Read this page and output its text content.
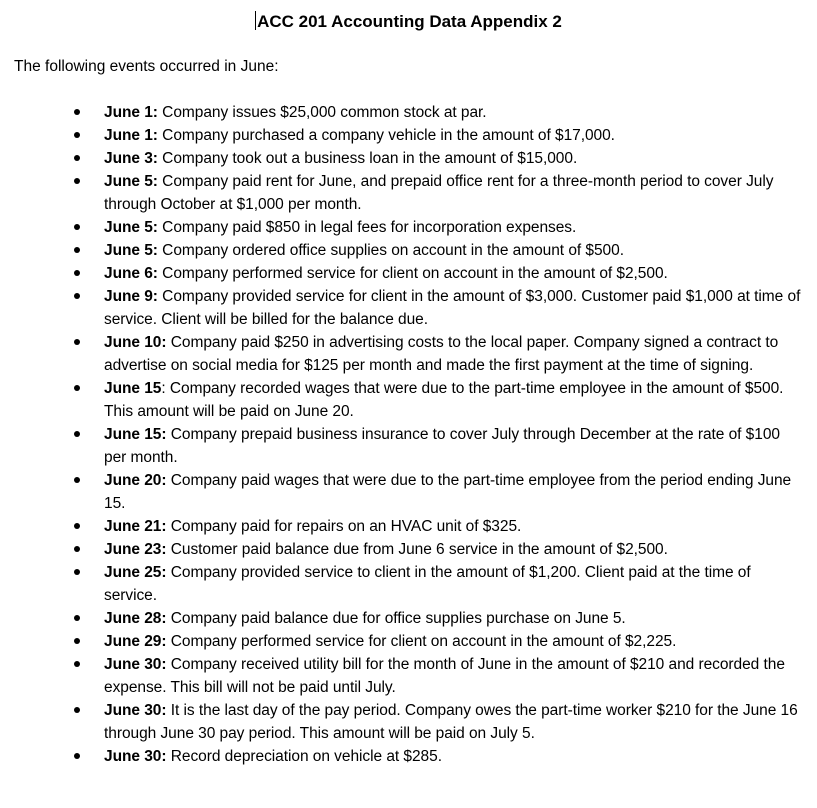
ACC 201 Accounting Data Appendix 2
The following events occurred in June:
June 1: Company issues $25,000 common stock at par.
June 1: Company purchased a company vehicle in the amount of $17,000.
June 3: Company took out a business loan in the amount of $15,000.
June 5: Company paid rent for June, and prepaid office rent for a three-month period to cover July through October at $1,000 per month.
June 5: Company paid $850 in legal fees for incorporation expenses.
June 5: Company ordered office supplies on account in the amount of $500.
June 6: Company performed service for client on account in the amount of $2,500.
June 9: Company provided service for client in the amount of $3,000. Customer paid $1,000 at time of service. Client will be billed for the balance due.
June 10: Company paid $250 in advertising costs to the local paper. Company signed a contract to advertise on social media for $125 per month and made the first payment at the time of signing.
June 15: Company recorded wages that were due to the part-time employee in the amount of $500. This amount will be paid on June 20.
June 15: Company prepaid business insurance to cover July through December at the rate of $100 per month.
June 20: Company paid wages that were due to the part-time employee from the period ending June 15.
June 21: Company paid for repairs on an HVAC unit of $325.
June 23: Customer paid balance due from June 6 service in the amount of $2,500.
June 25: Company provided service to client in the amount of $1,200. Client paid at the time of service.
June 28: Company paid balance due for office supplies purchase on June 5.
June 29: Company performed service for client on account in the amount of $2,225.
June 30: Company received utility bill for the month of June in the amount of $210 and recorded the expense. This bill will not be paid until July.
June 30: It is the last day of the pay period. Company owes the part-time worker $210 for the June 16 through June 30 pay period. This amount will be paid on July 5.
June 30: Record depreciation on vehicle at $285.
